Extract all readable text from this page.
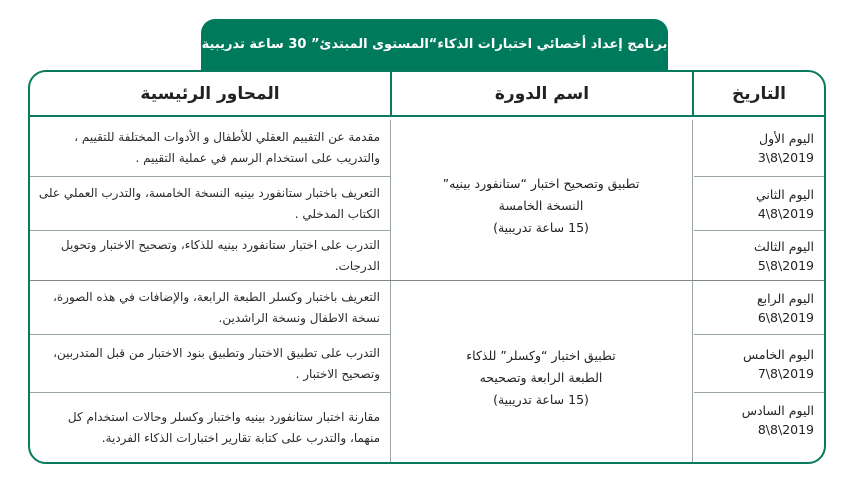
برنامج إعداد أخصائي اختبارات الذكاء“المستوى المبتدئ” 30 ساعة تدريبية
المحاور الرئيسية	اسم الدورة	التاريخ
اليوم الأول
3\8\2019
اليوم الثاني
4\8\2019
اليوم الثالث
5\8\2019
اليوم الرابع
6\8\2019
اليوم الخامس
7\8\2019
اليوم السادس
8\8\2019
تطبيق وتصحيح اختبار “ستانفورد بينيه”
النسخة الخامسة
(15 ساعة تدريبية)
تطبيق اختبار “وكسلر” للذكاء
الطبعة الرابعة وتصحيحه
(15 ساعة تدريبية)
مقدمة عن التقييم العقلي للأطفال و الأدوات المختلفة للتقييم ، والتدريب على استخدام الرسم في عملية التقييم .
التعريف باختبار ستانفورد بينيه النسخة الخامسة، والتدرب العملي على الكتاب المدخلي .
التدرب على اختبار ستانفورد بينيه للذكاء، وتصحيح الاختبار وتحويل الدرجات.
التعريف باختبار وكسلر الطبعة الرابعة، والإضافات في هذه الصورة، نسخة الاطفال ونسخة الراشدين.
التدرب على تطبيق الاختبار وتطبيق بنود الاختبار من قبل المتدربين، وتصحيح الاختبار .
مقارنة اختبار ستانفورد بينيه واختبار وكسلر وحالات استخدام كل منهما، والتدرب على كتابة تقارير اختبارات الذكاء الفردية.
